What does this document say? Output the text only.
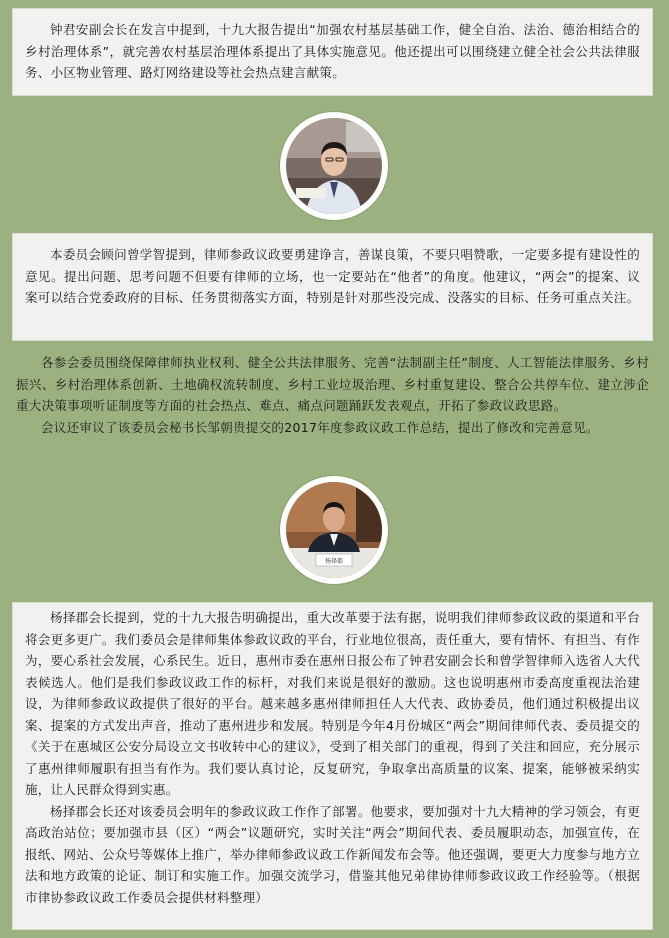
钟君安副会长在发言中提到，十九大报告提出“加强农村基层基础工作，健全自治、法治、德治相结合的乡村治理体系”，就完善农村基层治理体系提出了具体实施意见。他还提出可以围绕建立健全社会公共法律服务、小区物业管理、路灯网络建设等社会热点建言献策。

本委员会顾问曾学智提到，律师参政议政要勇建诤言，善谋良策，不要只唱赞歌，一定要多提有建设性的意见。提出问题、思考问题不但要有律师的立场，也一定要站在“他者”的角度。他建议，“两会”的提案、议案可以结合党委政府的目标、任务贯彻落实方面，特别是针对那些没完成、没落实的目标、任务可重点关注。

各参会委员围绕保障律师执业权利、健全公共法律服务、完善“法制副主任”制度、人工智能法律服务、乡村振兴、乡村治理体系创新、土地确权流转制度、乡村工业垃圾治理、乡村重复建设、整合公共停车位、建立涉企重大决策事项听证制度等方面的社会热点、难点、痛点问题踊跃发表观点，开拓了参政议政思路。

会议还审议了该委员会秘书长邹朝贵提交的2017年度参政议政工作总结，提出了修改和完善意见。

杨择郡

杨择郡会长提到，党的十九大报告明确提出，重大改革要于法有据，说明我们律师参政议政的渠道和平台将会更多更广。我们委员会是律师集体参政议政的平台，行业地位很高，责任重大，要有情怀、有担当、有作为，要心系社会发展，心系民生。近日，惠州市委在惠州日报公布了钟君安副会长和曾学智律师入选省人大代表候选人。他们是我们参政议政工作的标杆，对我们来说是很好的激励。这也说明惠州市委高度重视法治建设，为律师参政议政提供了很好的平台。越来越多惠州律师担任人大代表、政协委员，他们通过积极提出议案、提案的方式发出声音，推动了惠州进步和发展。特别是今年4月份城区“两会”期间律师代表、委员提交的《关于在惠城区公安分局设立文书收转中心的建议》，受到了相关部门的重视，得到了关注和回应，充分展示了惠州律师履职有担当有作为。我们要认真讨论，反复研究，争取拿出高质量的议案、提案，能够被采纳实施，让人民群众得到实惠。

杨择郡会长还对该委员会明年的参政议政工作作了部署。他要求，要加强对十九大精神的学习领会，有更高政治站位；要加强市县（区）“两会”议题研究，实时关注“两会”期间代表、委员履职动态，加强宣传，在报纸、网站、公众号等媒体上推广，举办律师参政议政工作新闻发布会等。他还强调，要更大力度参与地方立法和地方政策的论证、制订和实施工作。加强交流学习，借鉴其他兄弟律协律师参政议政工作经验等。（根据市律协参政议政工作委员会提供材料整理）
